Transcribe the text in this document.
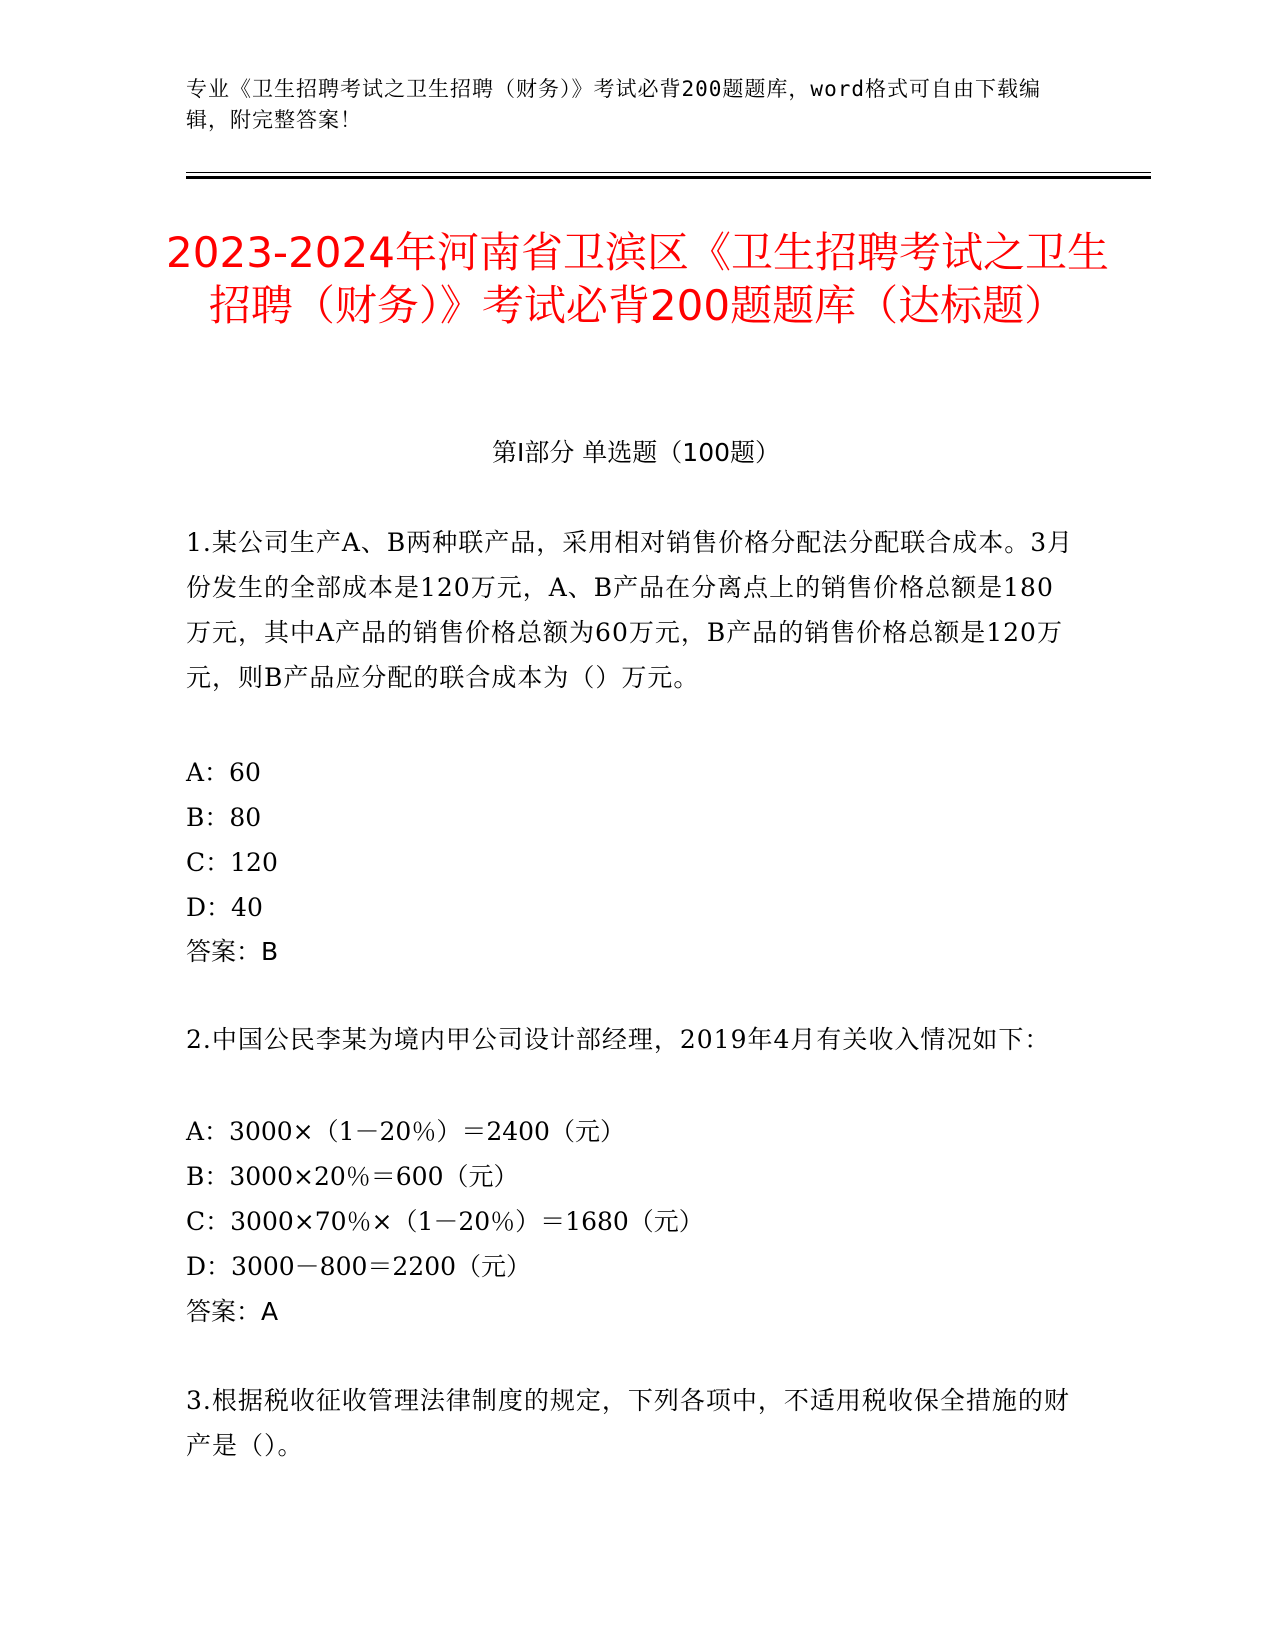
专业《卫生招聘考试之卫生招聘（财务）》考试必背200题题库，word格式可自由下载编辑，附完整答案！
2023-2024年河南省卫滨区《卫生招聘考试之卫生招聘（财务）》考试必背200题题库（达标题）
第I部分 单选题（100题）
1.某公司生产A、B两种联产品，采用相对销售价格分配法分配联合成本。3月份发生的全部成本是120万元，A、B产品在分离点上的销售价格总额是180万元，其中A产品的销售价格总额为60万元，B产品的销售价格总额是120万元，则B产品应分配的联合成本为（）万元。
A：60
B：80
C：120
D：40
答案：B
2.中国公民李某为境内甲公司设计部经理，2019年4月有关收入情况如下：
A：3000×（1－20％）＝2400（元）
B：3000×20％＝600（元）
C：3000×70％×（1－20％）＝1680（元）
D：3000－800＝2200（元）
答案：A
3.根据税收征收管理法律制度的规定，下列各项中，不适用税收保全措施的财产是（）。
